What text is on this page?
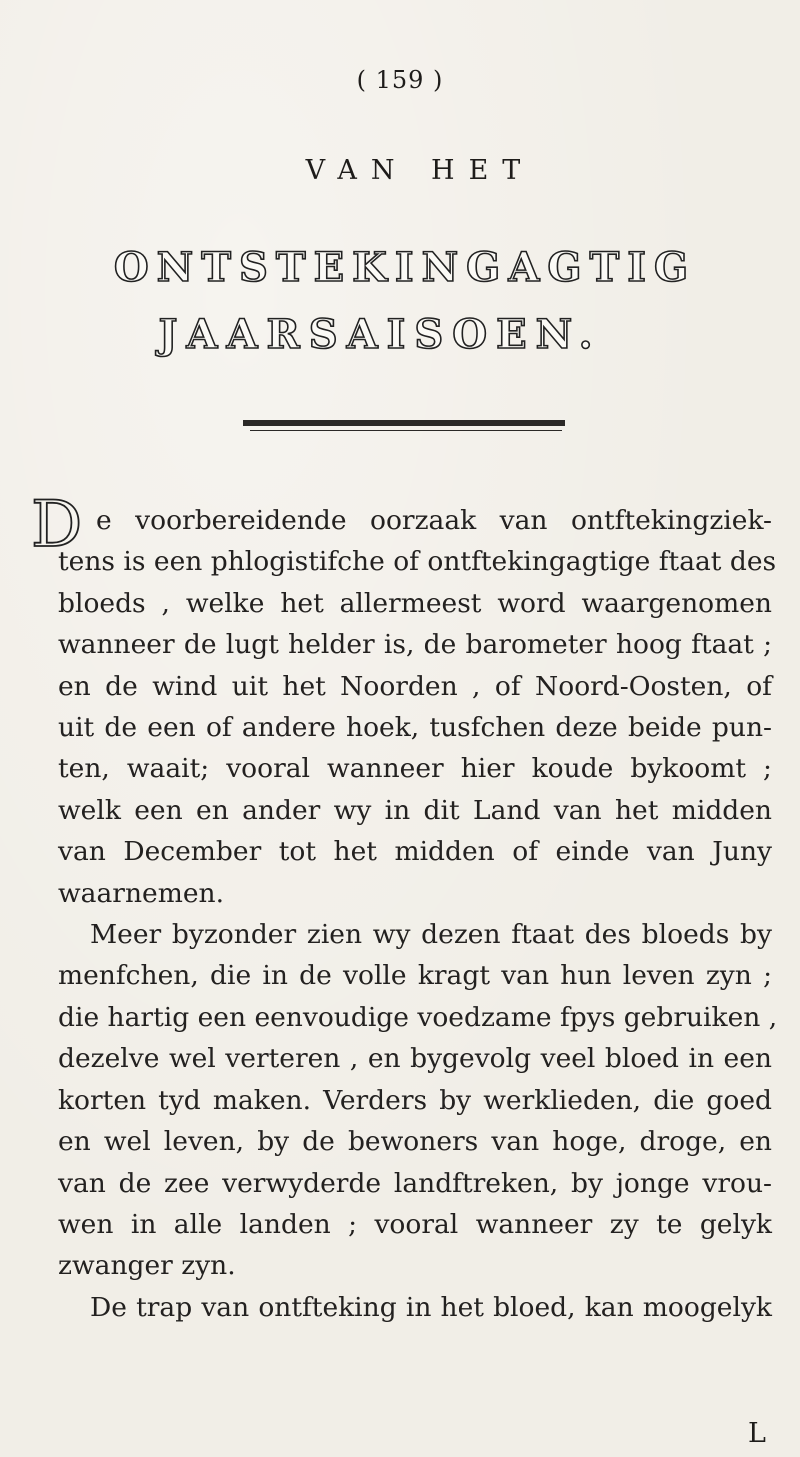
( 159 )
VAN HET
ONTSTEKINGAGTIG
JAARSAISOEN.
D e voorbereidende oorzaak van ontftekingziek-
tens is een phlogistifche of ontftekingagtige ftaat des
bloeds , welke het allermeest word waargenomen
wanneer de lugt helder is, de barometer hoog ftaat ;
en de wind uit het Noorden , of Noord-Oosten, of
uit de een of andere hoek, tusfchen deze beide pun-
ten, waait; vooral wanneer hier koude bykoomt ;
welk een en ander wy in dit Land van het midden
van December tot het midden of einde van Juny
waarnemen.
Meer byzonder zien wy dezen ftaat des bloeds by
menfchen, die in de volle kragt van hun leven zyn ;
die hartig een eenvoudige voedzame fpys gebruiken ,
dezelve wel verteren , en bygevolg veel bloed in een
korten tyd maken. Verders by werklieden, die goed
en wel leven, by de bewoners van hoge, droge, en
van de zee verwyderde landftreken, by jonge vrou-
wen in alle landen ; vooral wanneer zy te gelyk
zwanger zyn.
De trap van ontfteking in het bloed, kan moogelyk
L
